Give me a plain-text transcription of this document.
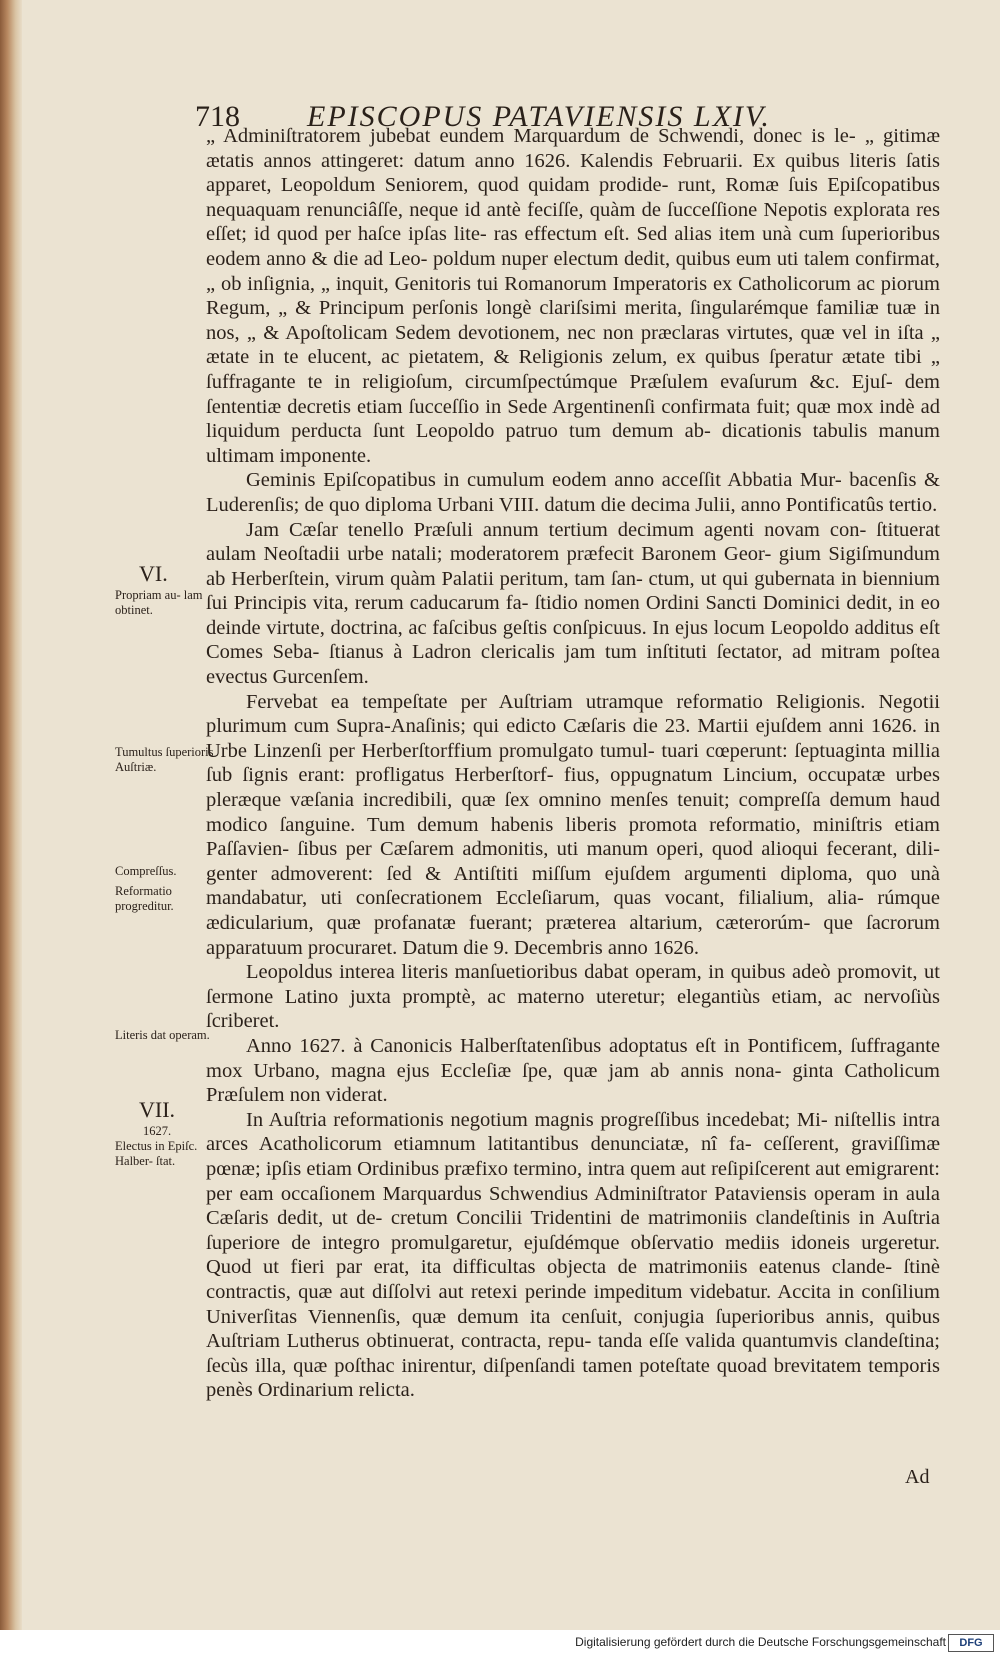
718 EPISCOPUS PATAVIENSIS LXIV.

„ Adminiſtratorem jubebat eundem Marquardum de Schwendi, donec is le- „ gitimæ ætatis annos attingeret: datum anno 1626. Kalendis Februarii. Ex quibus literis ſatis apparet, Leopoldum Seniorem, quod quidam prodide- runt, Romæ ſuis Epiſcopatibus nequaquam renunciâſſe, neque id antè feciſſe, quàm de ſucceſſione Nepotis explorata res eſſet; id quod per haſce ipſas lite- ras effectum eſt. Sed alias item unà cum ſuperioribus eodem anno & die ad Leo- poldum nuper electum dedit, quibus eum uti talem confirmat, „ ob inſignia, „ inquit, Genitoris tui Romanorum Imperatoris ex Catholicorum ac piorum Regum, „ & Principum perſonis longè clariſsimi merita, ſingularémque familiæ tuæ in nos, „ & Apoſtolicam Sedem devotionem, nec non præclaras virtutes, quæ vel in iſta „ ætate in te elucent, ac pietatem, & Religionis zelum, ex quibus ſperatur ætate tibi „ ſuffragante te in religioſum, circumſpectúmque Præſulem evaſurum &c. Ejuſ- dem ſententiæ decretis etiam ſucceſſio in Sede Argentinenſi confirmata fuit; quæ mox indè ad liquidum perducta ſunt Leopoldo patruo tum demum ab- dicationis tabulis manum ultimam imponente.

Geminis Epiſcopatibus in cumulum eodem anno acceſſit Abbatia Mur- bacenſis & Luderenſis; de quo diploma Urbani VIII. datum die decima Julii, anno Pontificatûs tertio.

Jam Cæſar tenello Præſuli annum tertium decimum agenti novam con- ſtituerat aulam Neoſtadii urbe natali; moderatorem præfecit Baronem Geor- gium Sigiſmundum ab Herberſtein, virum quàm Palatii peritum, tam ſan- ctum, ut qui gubernata in biennium ſui Principis vita, rerum caducarum fa- ſtidio nomen Ordini Sancti Dominici dedit, in eo deinde virtute, doctrina, ac faſcibus geſtis conſpicuus. In ejus locum Leopoldo additus eſt Comes Seba- ſtianus à Ladron clericalis jam tum inſtituti ſectator, ad mitram poſtea evectus Gurcenſem.

Fervebat ea tempeſtate per Auſtriam utramque reformatio Religionis. Negotii plurimum cum Supra-Anaſinis; qui edicto Cæſaris die 23. Martii ejuſdem anni 1626. in Urbe Linzenſi per Herberſtorffium promulgato tumul- tuari cœperunt: ſeptuaginta millia ſub ſignis erant: profligatus Herberſtorf- fius, oppugnatum Lincium, occupatæ urbes pleræque væſania incredibili, quæ ſex omnino menſes tenuit; compreſſa demum haud modico ſanguine. Tum demum habenis liberis promota reformatio, miniſtris etiam Paſſavien- ſibus per Cæſarem admonitis, uti manum operi, quod alioqui fecerant, dili- genter admoverent: ſed & Antiſtiti miſſum ejuſdem argumenti diploma, quo unà mandabatur, uti conſecrationem Eccleſiarum, quas vocant, filialium, alia- rúmque ædicularium, quæ profanatæ fuerant; præterea altarium, cæterorúm- que ſacrorum apparatuum procuraret. Datum die 9. Decembris anno 1626.

Leopoldus interea literis manſuetioribus dabat operam, in quibus adeò promovit, ut ſermone Latino juxta promptè, ac materno uteretur; elegantiùs etiam, ac nervoſiùs ſcriberet.

Anno 1627. à Canonicis Halberſtatenſibus adoptatus eſt in Pontificem, ſuffragante mox Urbano, magna ejus Eccleſiæ ſpe, quæ jam ab annis nona- ginta Catholicum Præſulem non viderat.

In Auſtria reformationis negotium magnis progreſſibus incedebat; Mi- niſtellis intra arces Acatholicorum etiamnum latitantibus denunciatæ, nî fa- ceſſerent, graviſſimæ pœnæ; ipſis etiam Ordinibus præfixo termino, intra quem aut reſipiſcerent aut emigrarent: per eam occaſionem Marquardus Schwendius Adminiſtrator Pataviensis operam in aula Cæſaris dedit, ut de- cretum Concilii Tridentini de matrimoniis clandeſtinis in Auſtria ſuperiore de integro promulgaretur, ejuſdémque obſervatio mediis idoneis urgeretur. Quod ut fieri par erat, ita difficultas objecta de matrimoniis eatenus clande- ſtinè contractis, quæ aut diſſolvi aut retexi perinde impeditum videbatur. Accita in conſilium Univerſitas Viennenſis, quæ demum ita cenſuit, conjugia ſuperioribus annis, quibus Auſtriam Lutherus obtinuerat, contracta, repu- tanda eſſe valida quantumvis clandeſtina; ſecùs illa, quæ poſthac inirentur, diſpenſandi tamen poteſtate quoad brevitatem temporis penès Ordinarium relicta.

VI.
Propriam au- lam obtinet.
Tumultus ſuperioris Auſtriæ.
Compreſſus.
Reformatio progreditur.
Literis dat operam.
VII.
1627.
Electus in Epiſc. Halber- ſtat.
Ad
Digitalisierung gefördert durch die Deutsche Forschungsgemeinschaft	DFG
